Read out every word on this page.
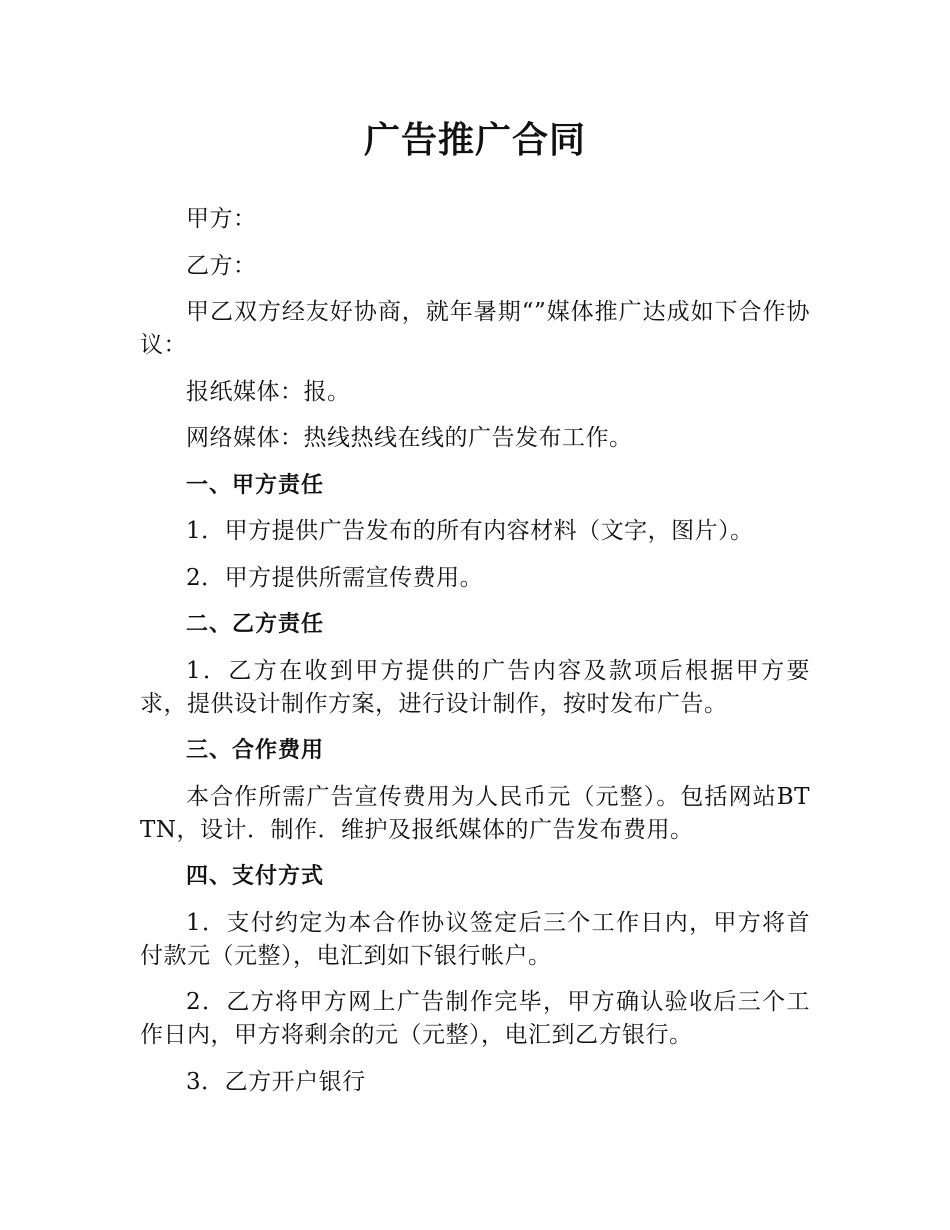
广告推广合同

甲方：

乙方：

甲乙双方经友好协商，就年暑期“”媒体推广达成如下合作协议：

报纸媒体：报。

网络媒体：热线热线在线的广告发布工作。

一、甲方责任

1．甲方提供广告发布的所有内容材料（文字，图片）。

2．甲方提供所需宣传费用。

二、乙方责任

1．乙方在收到甲方提供的广告内容及款项后根据甲方要求，提供设计制作方案，进行设计制作，按时发布广告。

三、合作费用

本合作所需广告宣传费用为人民币元（元整）。包括网站BTTN，设计．制作．维护及报纸媒体的广告发布费用。

四、支付方式

1．支付约定为本合作协议签定后三个工作日内，甲方将首付款元（元整），电汇到如下银行帐户。

2．乙方将甲方网上广告制作完毕，甲方确认验收后三个工作日内，甲方将剩余的元（元整），电汇到乙方银行。

3．乙方开户银行
